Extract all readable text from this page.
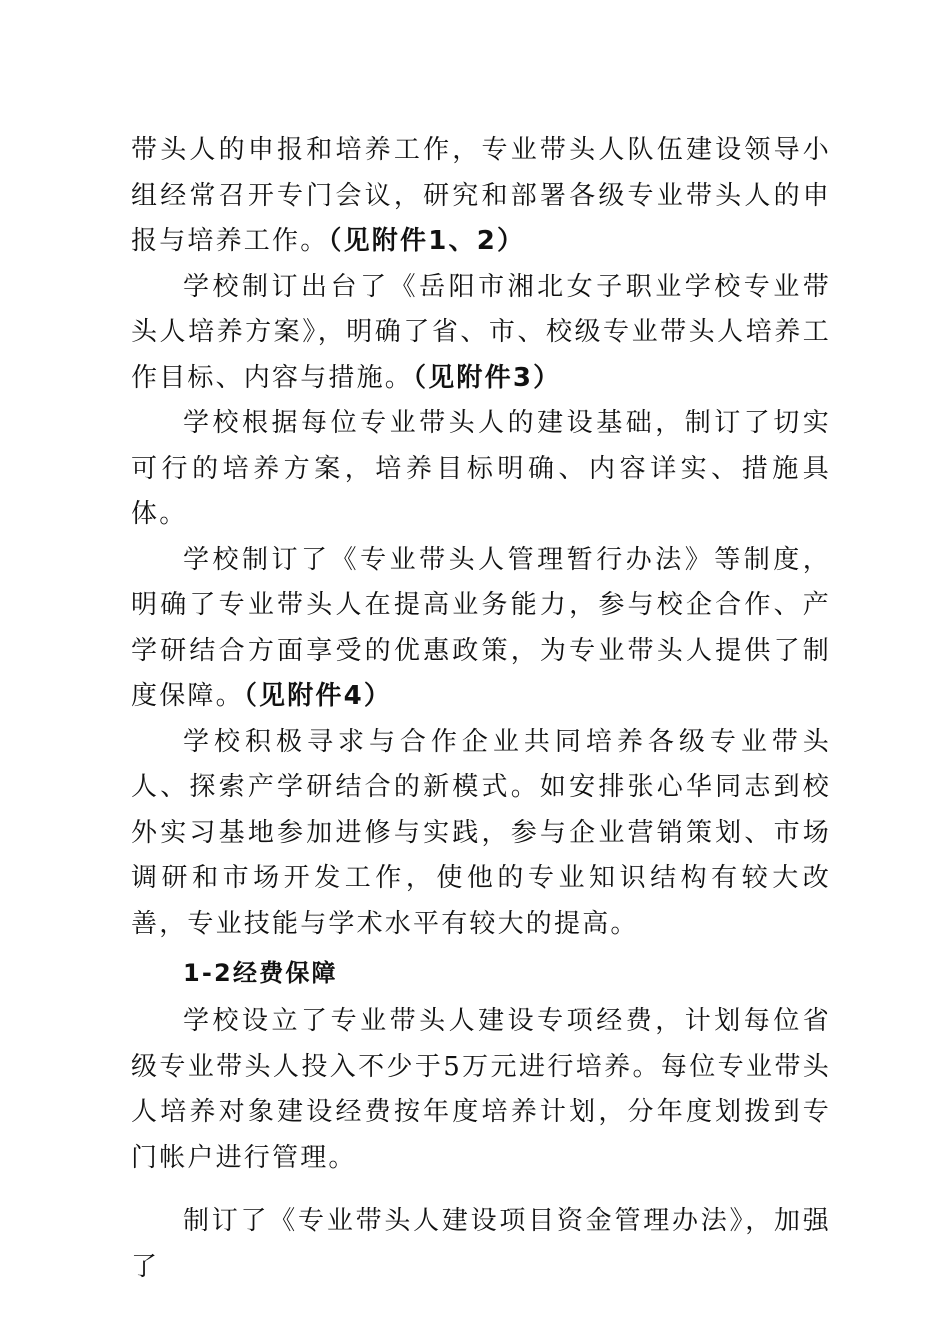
带头人的申报和培养工作，专业带头人队伍建设领导小组经常召开专门会议，研究和部署各级专业带头人的申报与培养工作。（见附件1、2）

学校制订出台了《岳阳市湘北女子职业学校专业带头人培养方案》，明确了省、市、校级专业带头人培养工作目标、内容与措施。（见附件3）

学校根据每位专业带头人的建设基础，制订了切实可行的培养方案，培养目标明确、内容详实、措施具体。

学校制订了《专业带头人管理暂行办法》等制度，明确了专业带头人在提高业务能力，参与校企合作、产学研结合方面享受的优惠政策，为专业带头人提供了制度保障。（见附件4）

学校积极寻求与合作企业共同培养各级专业带头人、探索产学研结合的新模式。如安排张心华同志到校外实习基地参加进修与实践，参与企业营销策划、市场调研和市场开发工作，使他的专业知识结构有较大改善，专业技能与学术水平有较大的提高。

1-2经费保障

学校设立了专业带头人建设专项经费，计划每位省级专业带头人投入不少于5万元进行培养。每位专业带头人培养对象建设经费按年度培养计划，分年度划拨到专门帐户进行管理。

制订了《专业带头人建设项目资金管理办法》，加强了
